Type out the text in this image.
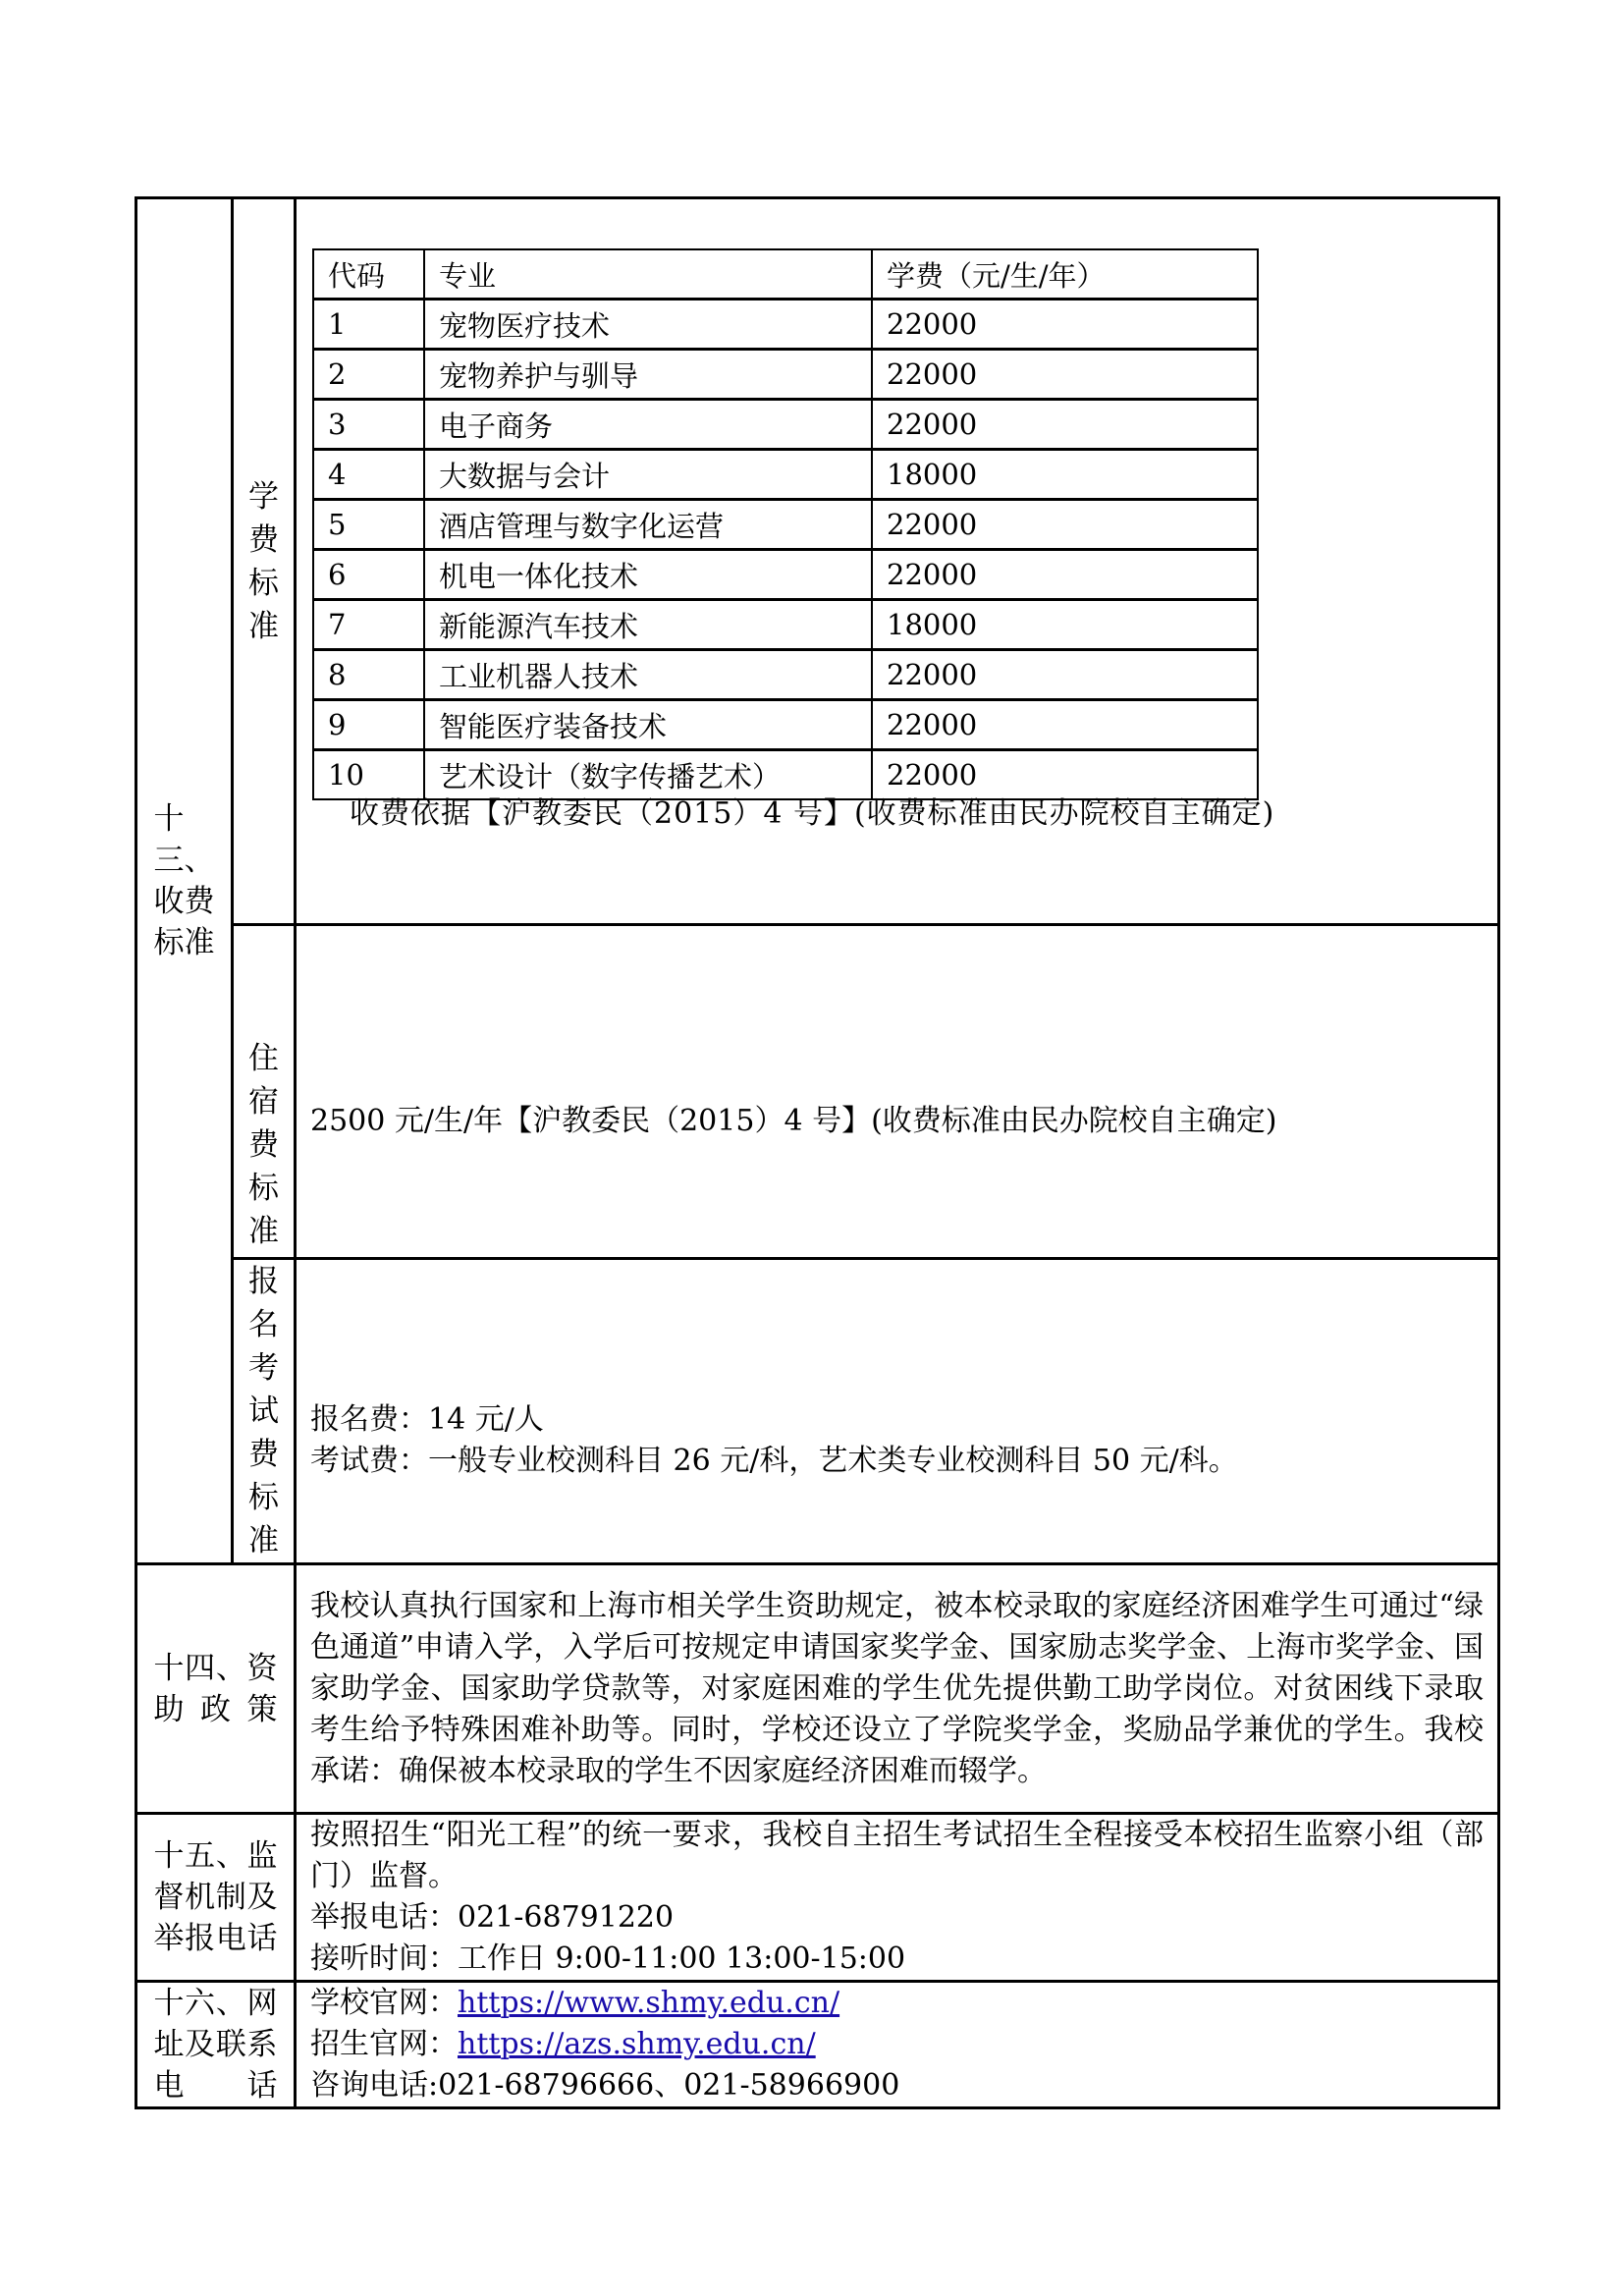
十三、收费标准	学费标准	
代码	专业	学费（元/生/年）
1	宠物医疗技术	22000
2	宠物养护与驯导	22000
3	电子商务	22000
4	大数据与会计	18000
5	酒店管理与数字化运营	22000
6	机电一体化技术	22000
7	新能源汽车技术	18000
8	工业机器人技术	22000
9	智能医疗装备技术	22000
10	艺术设计（数字传播艺术）	22000
收费依据【沪教委民（2015）4 号】(收费标准由民办院校自主确定)

住宿费标准	
2500 元/生/年【沪教委民（2015）4 号】(收费标准由民办院校自主确定)

报名考试费标准	
报名费：14 元/人
考试费：一般专业校测科目 26 元/科，艺术类专业校测科目 50 元/科。

十四、资助政策
	我校认真执行国家和上海市相关学生资助规定，被本校录取的家庭经济困难学生可通过“绿色通道”申请入学，入学后可按规定申请国家奖学金、国家励志奖学金、上海市奖学金、国家助学金、国家助学贷款等，对家庭困难的学生优先提供勤工助学岗位。对贫困线下录取考生给予特殊困难补助等。同时，学校还设立了学院奖学金，奖励品学兼优的学生。我校承诺：确保被本校录取的学生不因家庭经济困难而辍学。

十五、监督机制及举报电话

按照招生“阳光工程”的统一要求，我校自主招生考试招生全程接受本校招生监察小组（部门）监督。
举报电话：021-68791220
接听时间：工作日 9:00-11:00 13:00-15:00

十六、网址及联系电话

学校官网：https://www.shmy.edu.cn/
招生官网：https://azs.shmy.edu.cn/
咨询电话:021-68796666、021-58966900
